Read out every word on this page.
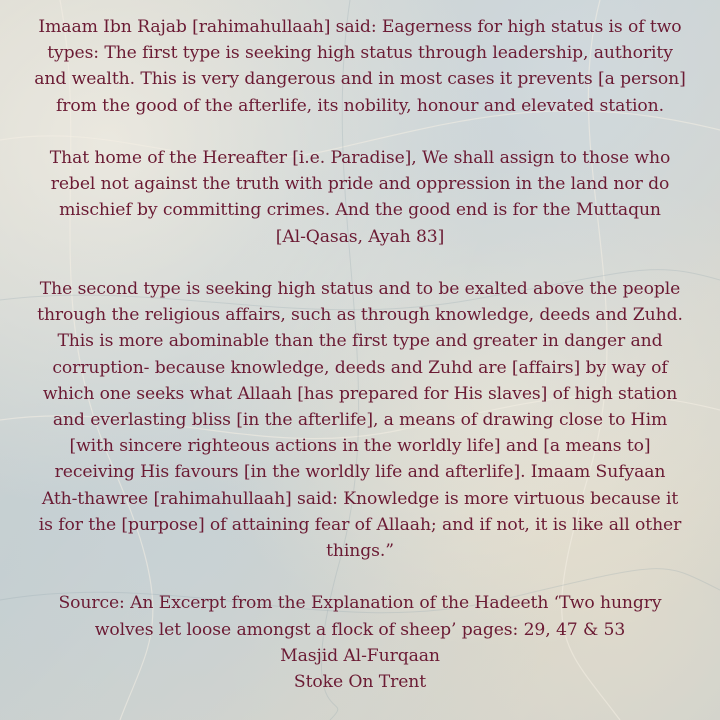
Imaam Ibn Rajab [rahimahullaah] said: Eagerness for high status is of two
types: The first type is seeking high status through leadership, authority
and wealth. This is very dangerous and in most cases it prevents [a person]
from the good of the afterlife, its nobility, honour and elevated station.

That home of the Hereafter [i.e. Paradise], We shall assign to those who
rebel not against the truth with pride and oppression in the land nor do
mischief by committing crimes. And the good end is for the Muttaqun
[Al-Qasas, Ayah 83]

The second type is seeking high status and to be exalted above the people
through the religious affairs, such as through knowledge, deeds and Zuhd.
This is more abominable than the first type and greater in danger and
corruption- because knowledge, deeds and Zuhd are [affairs] by way of
which one seeks what Allaah [has prepared for His slaves] of high station
and everlasting bliss [in the afterlife], a means of drawing close to Him
[with sincere righteous actions in the worldly life] and [a means to]
receiving His favours [in the worldly life and afterlife]. Imaam Sufyaan
Ath-thawree [rahimahullaah] said: Knowledge is more virtuous because it
is for the [purpose] of attaining fear of Allaah; and if not, it is like all other
things.”

Source: An Excerpt from the Explanation of the Hadeeth ‘Two hungry
wolves let loose amongst a flock of sheep’ pages: 29, 47 & 53
Masjid Al-Furqaan
Stoke On Trent
